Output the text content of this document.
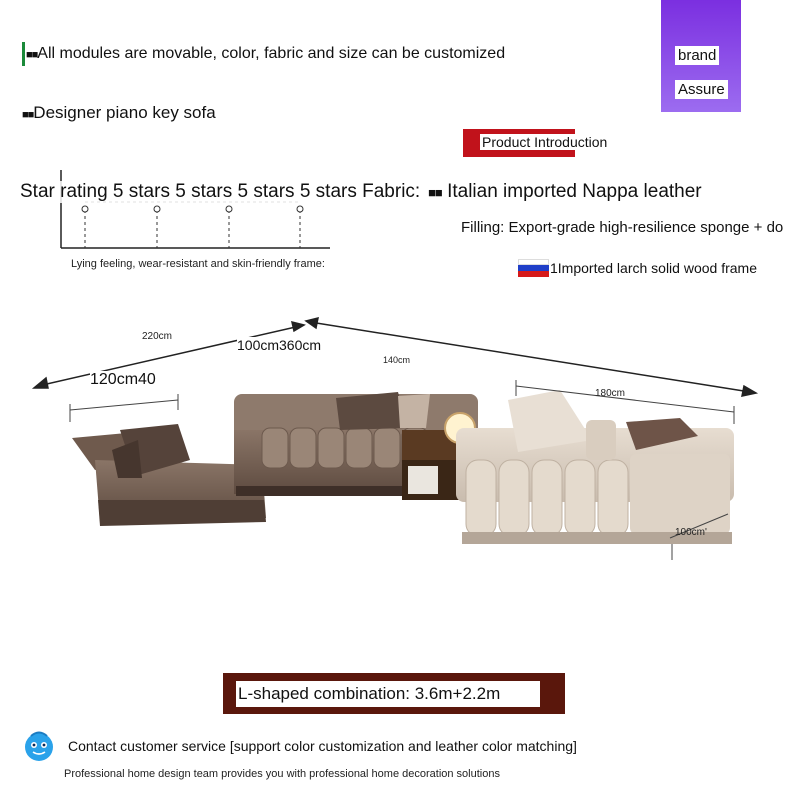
■■All modules are movable, color, fabric and size can be customized
■■Designer piano key sofa
brand
Assure
Product Introduction
Star rating 5 stars 5 stars 5 stars 5 stars Fabric:  ■■ Italian imported Nappa leather
Filling: Export-grade high-resilience sponge + do
Lying feeling, wear-resistant and skin-friendly frame:	1Imported larch solid wood frame
220cm
100cm360cm
140cm
120cm40
180cm
100cm'
L-shaped combination: 3.6m+2.2m
Contact customer service [support color customization and leather color matching]
Professional home design team provides you with professional home decoration solutions
